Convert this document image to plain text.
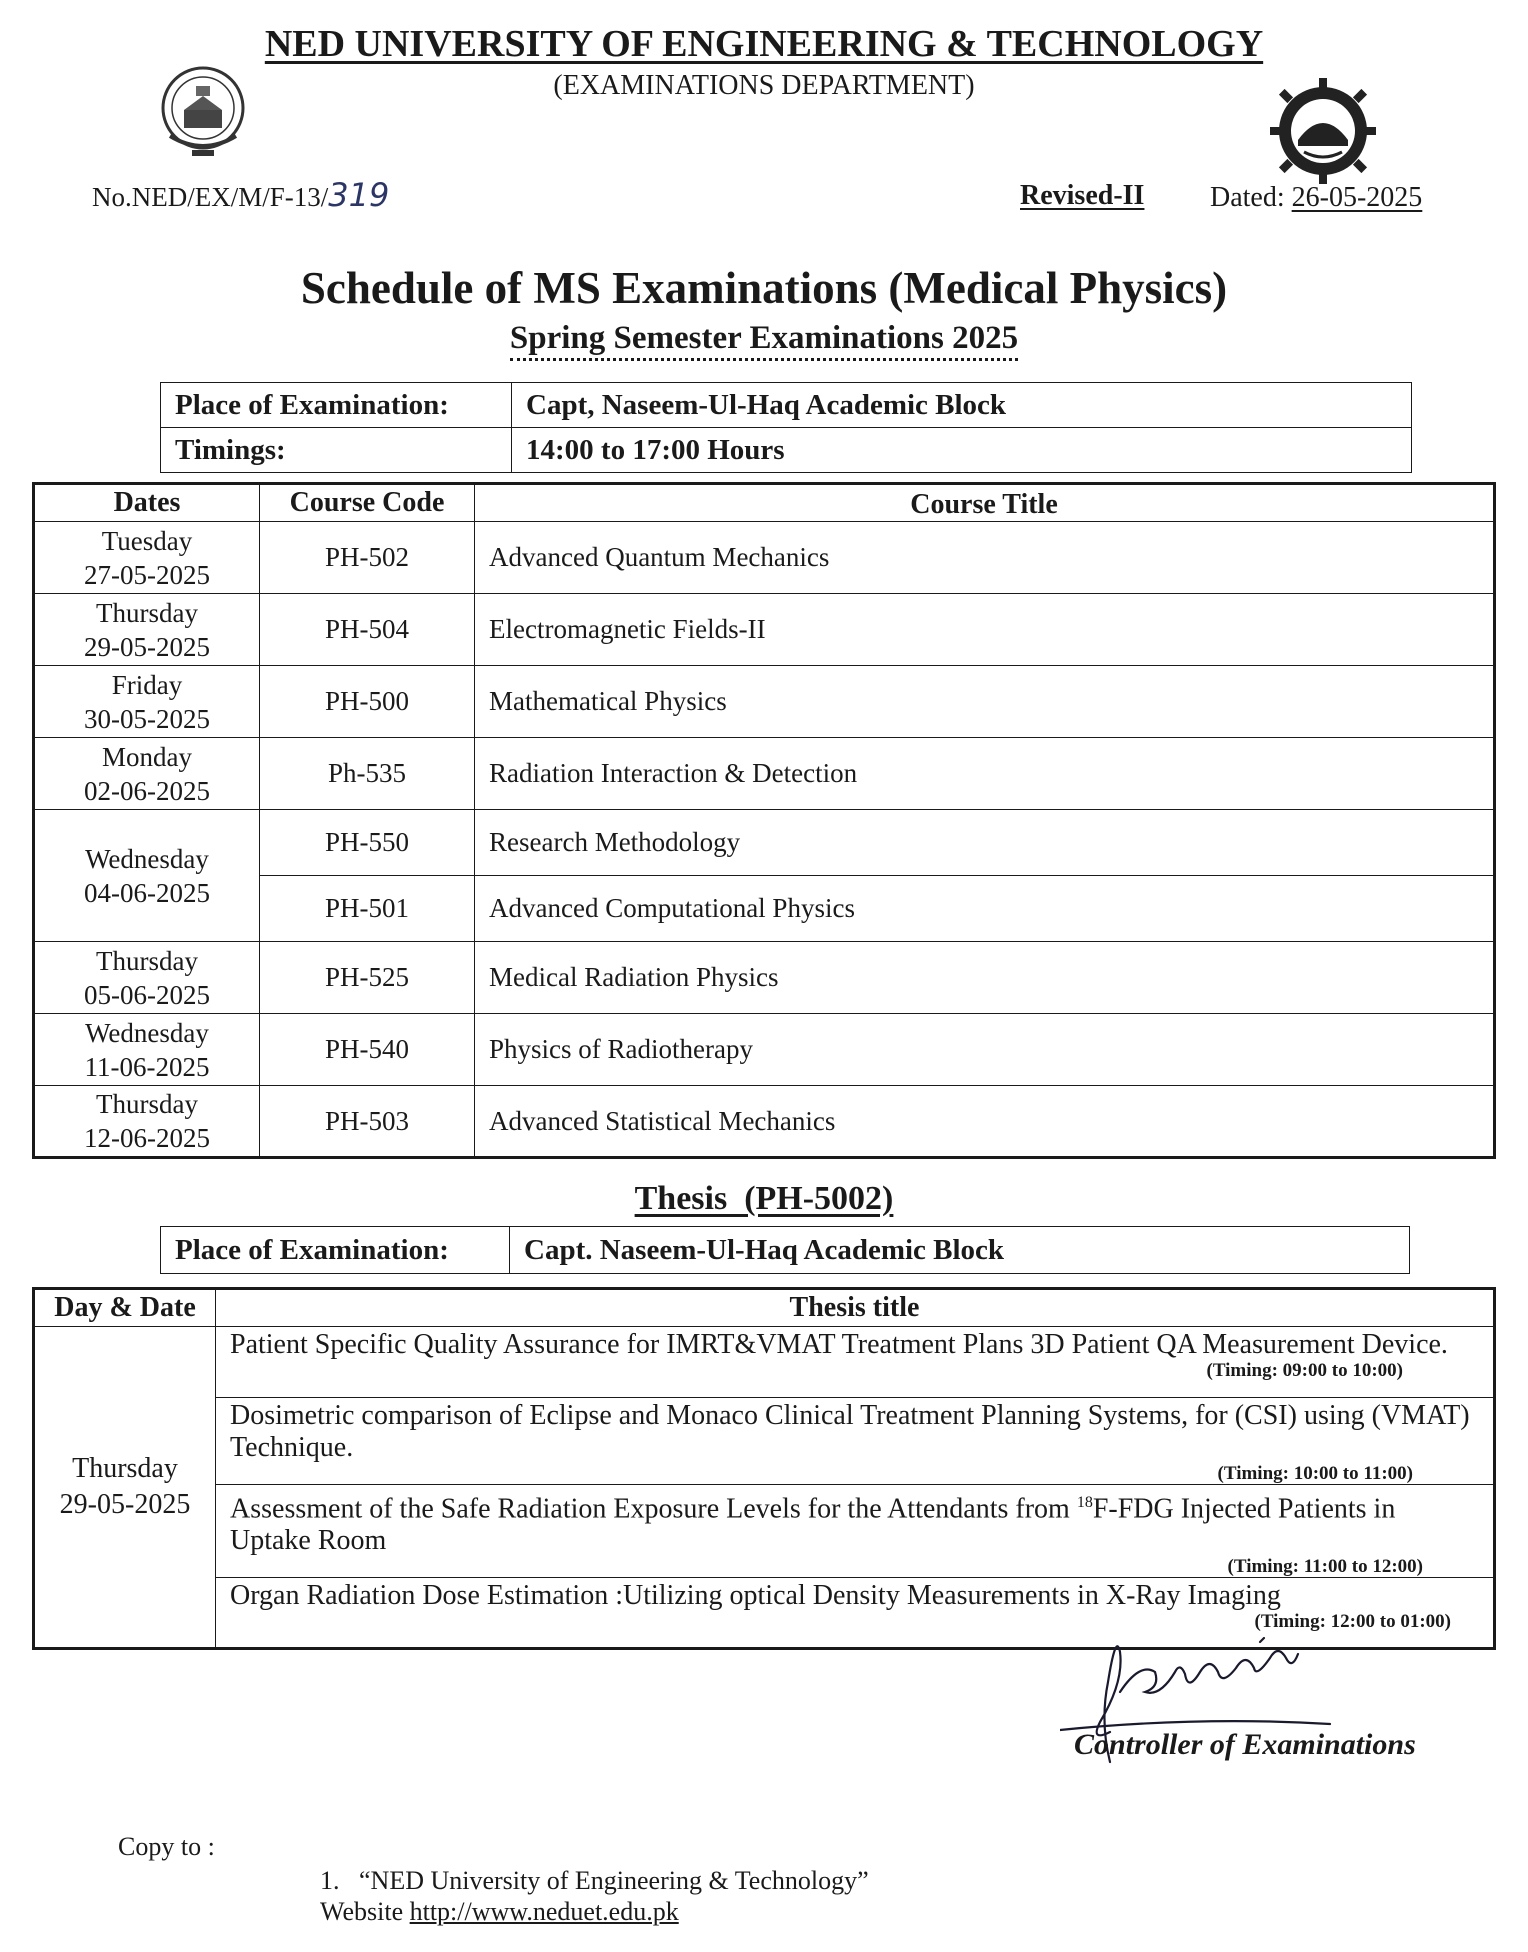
NED UNIVERSITY OF ENGINEERING & TECHNOLOGY
(EXAMINATIONS DEPARTMENT)
No.NED/EX/M/F-13/319	Revised-II Dated: 26-05-2025
Schedule of MS Examinations (Medical Physics)
Spring Semester Examinations 2025
Place of Examination:	Capt, Naseem-Ul-Haq Academic Block
Timings:	14:00 to 17:00 Hours
Dates	Course Code	Course Title
Tuesday
27-05-2025	PH-502	Advanced Quantum Mechanics
Thursday
29-05-2025	PH-504	Electromagnetic Fields-II
Friday
30-05-2025	PH-500	Mathematical Physics
Monday
02-06-2025	Ph-535	Radiation Interaction & Detection
Wednesday
04-06-2025	PH-550	Research Methodology
	PH-501	Advanced Computational Physics
Thursday
05-06-2025	PH-525	Medical Radiation Physics
Wednesday
11-06-2025	PH-540	Physics of Radiotherapy
Thursday
12-06-2025	PH-503	Advanced Statistical Mechanics
Thesis  (PH-5002)
Place of Examination:	Capt. Naseem-Ul-Haq Academic Block
Day & Date	Thesis title
Thursday
29-05-2025	Patient Specific Quality Assurance for IMRT&VMAT Treatment Plans 3D Patient QA Measurement Device.
(Timing: 09:00 to 10:00)

	Dosimetric comparison of Eclipse and Monaco Clinical Treatment Planning Systems, for (CSI) using (VMAT) Technique.
(Timing: 10:00 to 11:00)

	Assessment of the Safe Radiation Exposure Levels for the Attendants from $^{18}$F-FDG Injected Patients in Uptake Room
(Timing: 11:00 to 12:00)

	Organ Radiation Dose Estimation :Utilizing optical Density Measurements in X-Ray Imaging
(Timing: 12:00 to 01:00)
Controller of Examinations
Copy to :
1. “NED University of Engineering & Technology”
Website http://www.neduet.edu.pk
